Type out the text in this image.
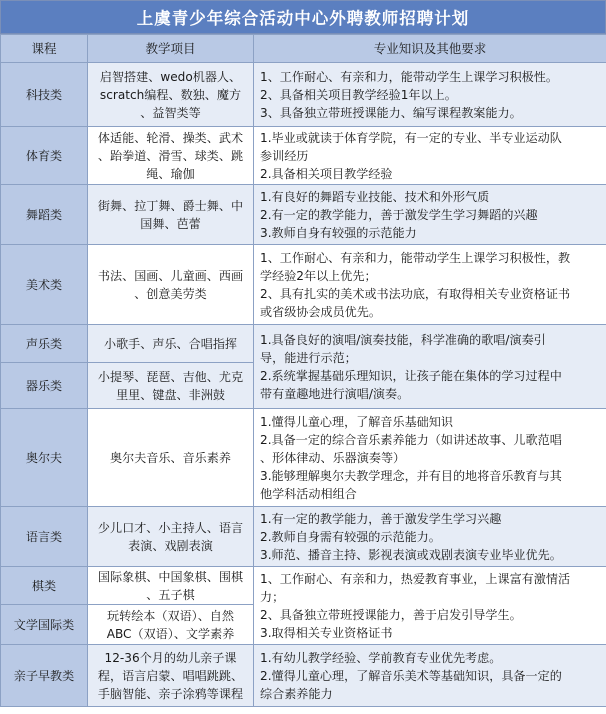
上虞青少年综合活动中心外聘教师招聘计划
课程	教学项目	专业知识及其他要求
科技类	启智搭建、wedo机器人、
scratch编程、数独、魔方
、益智类等	1、工作耐心、有亲和力，能带动学生上课学习积极性。
2、具备相关项目教学经验1年以上。
3、具备独立带班授课能力、编写课程教案能力。

体育类	体适能、轮滑、操类、武术
、跆拳道、滑雪、球类、跳
绳、瑜伽	1.毕业或就读于体育学院，有一定的专业、半专业运动队
参训经历
2.具备相关项目教学经验

舞蹈类	街舞、拉丁舞、爵士舞、中
国舞、芭蕾	1.有良好的舞蹈专业技能、技术和外形气质
2.有一定的教学能力，善于激发学生学习舞蹈的兴趣
3.教师自身有较强的示范能力

美术类	书法、国画、儿童画、西画
、创意美劳类	1、工作耐心、有亲和力，能带动学生上课学习积极性，教
学经验2年以上优先；
2、具有扎实的美术或书法功底，有取得相关专业资格证书
或省级协会成员优先。

声乐类	小歌手、声乐、合唱指挥	1.具备良好的演唱/演奏技能，科学准确的歌唱/演奏引
导，能进行示范；
2.系统掌握基础乐理知识，让孩子能在集体的学习过程中
带有童趣地进行演唱/演奏。

器乐类	小提琴、琵琶、吉他、尤克
里里、键盘、非洲鼓	

奥尔夫	奥尔夫音乐、音乐素养	1.懂得儿童心理，了解音乐基础知识
2.具备一定的综合音乐素养能力（如讲述故事、儿歌范唱
、形体律动、乐器演奏等）
3.能够理解奥尔夫教学理念，并有目的地将音乐教育与其
他学科活动相组合

语言类	少儿口才、小主持人、语言
表演、戏剧表演	1.有一定的教学能力，善于激发学生学习兴趣
2.教师自身需有较强的示范能力。
3.师范、播音主持、影视表演或戏剧表演专业毕业优先。

棋类	国际象棋、中国象棋、围棋
、五子棋	1、工作耐心、有亲和力，热爱教育事业，上课富有激情活
力；
2、具备独立带班授课能力，善于启发引导学生。
3.取得相关专业资格证书

文学国际类	玩转绘本（双语）、自然
ABC（双语）、文学素养	

亲子早教类	12-36个月的幼儿亲子课
程，语言启蒙、唱唱跳跳、
手脑智能、亲子涂鸦等课程	1.有幼儿教学经验、学前教育专业优先考虑。
2.懂得儿童心理，了解音乐美术等基础知识，具备一定的
综合素养能力
